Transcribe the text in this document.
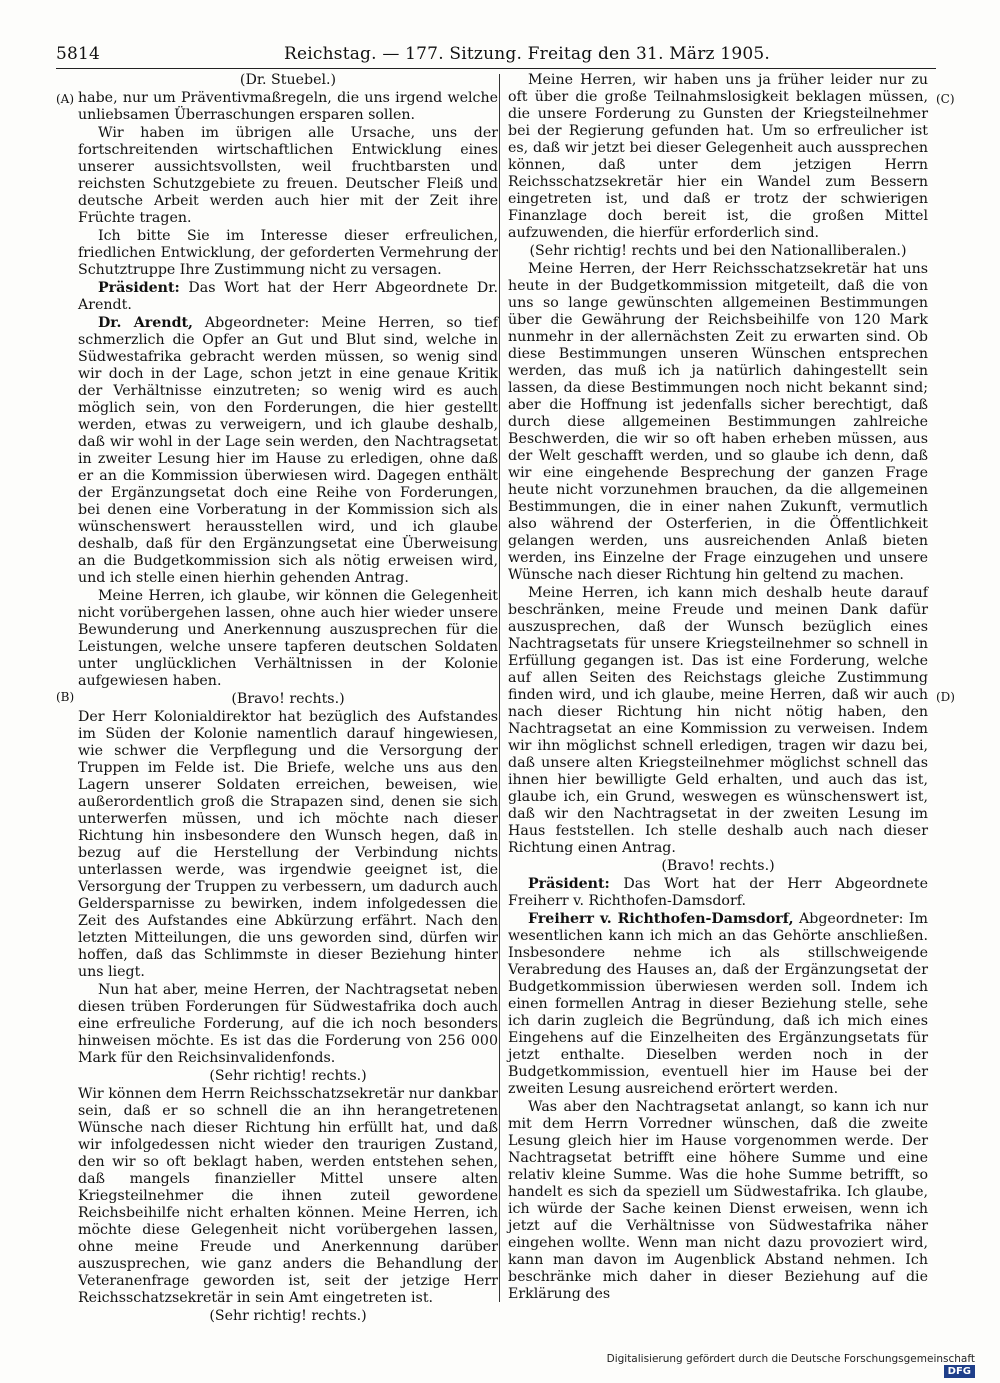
5814	Reichstag. — 177. Sitzung. Freitag den 31. März 1905.
(A)
(B)
(C)
(D)

(Dr. Stuebel.)

habe, nur um Präventivmaßregeln, die uns irgend welche unliebsamen Überraschungen ersparen sollen.

Wir haben im übrigen alle Ursache, uns der fortschreitenden wirtschaftlichen Entwicklung eines unserer aussichtsvollsten, weil fruchtbarsten und reichsten Schutzgebiete zu freuen. Deutscher Fleiß und deutsche Arbeit werden auch hier mit der Zeit ihre Früchte tragen.

Ich bitte Sie im Interesse dieser erfreulichen, friedlichen Entwicklung, der geforderten Vermehrung der Schutztruppe Ihre Zustimmung nicht zu versagen.

Präsident: Das Wort hat der Herr Abgeordnete Dr. Arendt.

Dr. Arendt, Abgeordneter: Meine Herren, so tief schmerzlich die Opfer an Gut und Blut sind, welche in Südwestafrika gebracht werden müssen, so wenig sind wir doch in der Lage, schon jetzt in eine genaue Kritik der Verhältnisse einzutreten; so wenig wird es auch möglich sein, von den Forderungen, die hier gestellt werden, etwas zu verweigern, und ich glaube deshalb, daß wir wohl in der Lage sein werden, den Nachtragsetat in zweiter Lesung hier im Hause zu erledigen, ohne daß er an die Kommission überwiesen wird. Dagegen enthält der Ergänzungsetat doch eine Reihe von Forderungen, bei denen eine Vorberatung in der Kommission sich als wünschenswert herausstellen wird, und ich glaube deshalb, daß für den Ergänzungsetat eine Überweisung an die Budgetkommission sich als nötig erweisen wird, und ich stelle einen hierhin gehenden Antrag.

Meine Herren, ich glaube, wir können die Gelegenheit nicht vorübergehen lassen, ohne auch hier wieder unsere Bewunderung und Anerkennung auszusprechen für die Leistungen, welche unsere tapferen deutschen Soldaten unter unglücklichen Verhältnissen in der Kolonie aufgewiesen haben.

(Bravo! rechts.)

Der Herr Kolonialdirektor hat bezüglich des Aufstandes im Süden der Kolonie namentlich darauf hingewiesen, wie schwer die Verpflegung und die Versorgung der Truppen im Felde ist. Die Briefe, welche uns aus den Lagern unserer Soldaten erreichen, beweisen, wie außerordentlich groß die Strapazen sind, denen sie sich unterwerfen müssen, und ich möchte nach dieser Richtung hin insbesondere den Wunsch hegen, daß in bezug auf die Herstellung der Verbindung nichts unterlassen werde, was irgendwie geeignet ist, die Versorgung der Truppen zu verbessern, um dadurch auch Geldersparnisse zu bewirken, indem infolgedessen die Zeit des Aufstandes eine Abkürzung erfährt. Nach den letzten Mitteilungen, die uns geworden sind, dürfen wir hoffen, daß das Schlimmste in dieser Beziehung hinter uns liegt.

Nun hat aber, meine Herren, der Nachtragsetat neben diesen trüben Forderungen für Südwestafrika doch auch eine erfreuliche Forderung, auf die ich noch besonders hinweisen möchte. Es ist das die Forderung von 256 000 Mark für den Reichsinvalidenfonds.

(Sehr richtig! rechts.)

Wir können dem Herrn Reichsschatzsekretär nur dankbar sein, daß er so schnell die an ihn herangetretenen Wünsche nach dieser Richtung hin erfüllt hat, und daß wir infolgedessen nicht wieder den traurigen Zustand, den wir so oft beklagt haben, werden entstehen sehen, daß mangels finanzieller Mittel unsere alten Kriegsteilnehmer die ihnen zuteil gewordene Reichsbeihilfe nicht erhalten können. Meine Herren, ich möchte diese Gelegenheit nicht vorübergehen lassen, ohne meine Freude und Anerkennung darüber auszusprechen, wie ganz anders die Behandlung der Veteranenfrage geworden ist, seit der jetzige Herr Reichsschatzsekretär in sein Amt eingetreten ist.

(Sehr richtig! rechts.)

Meine Herren, wir haben uns ja früher leider nur zu oft über die große Teilnahmslosigkeit beklagen müssen, die unsere Forderung zu Gunsten der Kriegsteilnehmer bei der Regierung gefunden hat. Um so erfreulicher ist es, daß wir jetzt bei dieser Gelegenheit auch aussprechen können, daß unter dem jetzigen Herrn Reichsschatzsekretär hier ein Wandel zum Bessern eingetreten ist, und daß er trotz der schwierigen Finanzlage doch bereit ist, die großen Mittel aufzuwenden, die hierfür erforderlich sind.

(Sehr richtig! rechts und bei den Nationalliberalen.)

Meine Herren, der Herr Reichsschatzsekretär hat uns heute in der Budgetkommission mitgeteilt, daß die von uns so lange gewünschten allgemeinen Bestimmungen über die Gewährung der Reichsbeihilfe von 120 Mark nunmehr in der allernächsten Zeit zu erwarten sind. Ob diese Bestimmungen unseren Wünschen entsprechen werden, das muß ich ja natürlich dahingestellt sein lassen, da diese Bestimmungen noch nicht bekannt sind; aber die Hoffnung ist jedenfalls sicher berechtigt, daß durch diese allgemeinen Bestimmungen zahlreiche Beschwerden, die wir so oft haben erheben müssen, aus der Welt geschafft werden, und so glaube ich denn, daß wir eine eingehende Besprechung der ganzen Frage heute nicht vorzunehmen brauchen, da die allgemeinen Bestimmungen, die in einer nahen Zukunft, vermutlich also während der Osterferien, in die Öffentlichkeit gelangen werden, uns ausreichenden Anlaß bieten werden, ins Einzelne der Frage einzugehen und unsere Wünsche nach dieser Richtung hin geltend zu machen.

Meine Herren, ich kann mich deshalb heute darauf beschränken, meine Freude und meinen Dank dafür auszusprechen, daß der Wunsch bezüglich eines Nachtragsetats für unsere Kriegsteilnehmer so schnell in Erfüllung gegangen ist. Das ist eine Forderung, welche auf allen Seiten des Reichstags gleiche Zustimmung finden wird, und ich glaube, meine Herren, daß wir auch nach dieser Richtung hin nicht nötig haben, den Nachtragsetat an eine Kommission zu verweisen. Indem wir ihn möglichst schnell erledigen, tragen wir dazu bei, daß unsere alten Kriegsteilnehmer möglichst schnell das ihnen hier bewilligte Geld erhalten, und auch das ist, glaube ich, ein Grund, weswegen es wünschenswert ist, daß wir den Nachtragsetat in der zweiten Lesung im Haus feststellen. Ich stelle deshalb auch nach dieser Richtung einen Antrag.

(Bravo! rechts.)

Präsident: Das Wort hat der Herr Abgeordnete Freiherr v. Richthofen-Damsdorf.

Freiherr v. Richthofen-Damsdorf, Abgeordneter: Im wesentlichen kann ich mich an das Gehörte anschließen. Insbesondere nehme ich als stillschweigende Verabredung des Hauses an, daß der Ergänzungsetat der Budgetkommission überwiesen werden soll. Indem ich einen formellen Antrag in dieser Beziehung stelle, sehe ich darin zugleich die Begründung, daß ich mich eines Eingehens auf die Einzelheiten des Ergänzungsetats für jetzt enthalte. Dieselben werden noch in der Budgetkommission, eventuell hier im Hause bei der zweiten Lesung ausreichend erörtert werden.

Was aber den Nachtragsetat anlangt, so kann ich nur mit dem Herrn Vorredner wünschen, daß die zweite Lesung gleich hier im Hause vorgenommen werde. Der Nachtragsetat betrifft eine höhere Summe und eine relativ kleine Summe. Was die hohe Summe betrifft, so handelt es sich da speziell um Südwestafrika. Ich glaube, ich würde der Sache keinen Dienst erweisen, wenn ich jetzt auf die Verhältnisse von Südwestafrika näher eingehen wollte. Wenn man nicht dazu provoziert wird, kann man davon im Augenblick Abstand nehmen. Ich beschränke mich daher in dieser Beziehung auf die Erklärung des

Digitalisierung gefördert durch die Deutsche ForschungsgemeinschaftDFG
